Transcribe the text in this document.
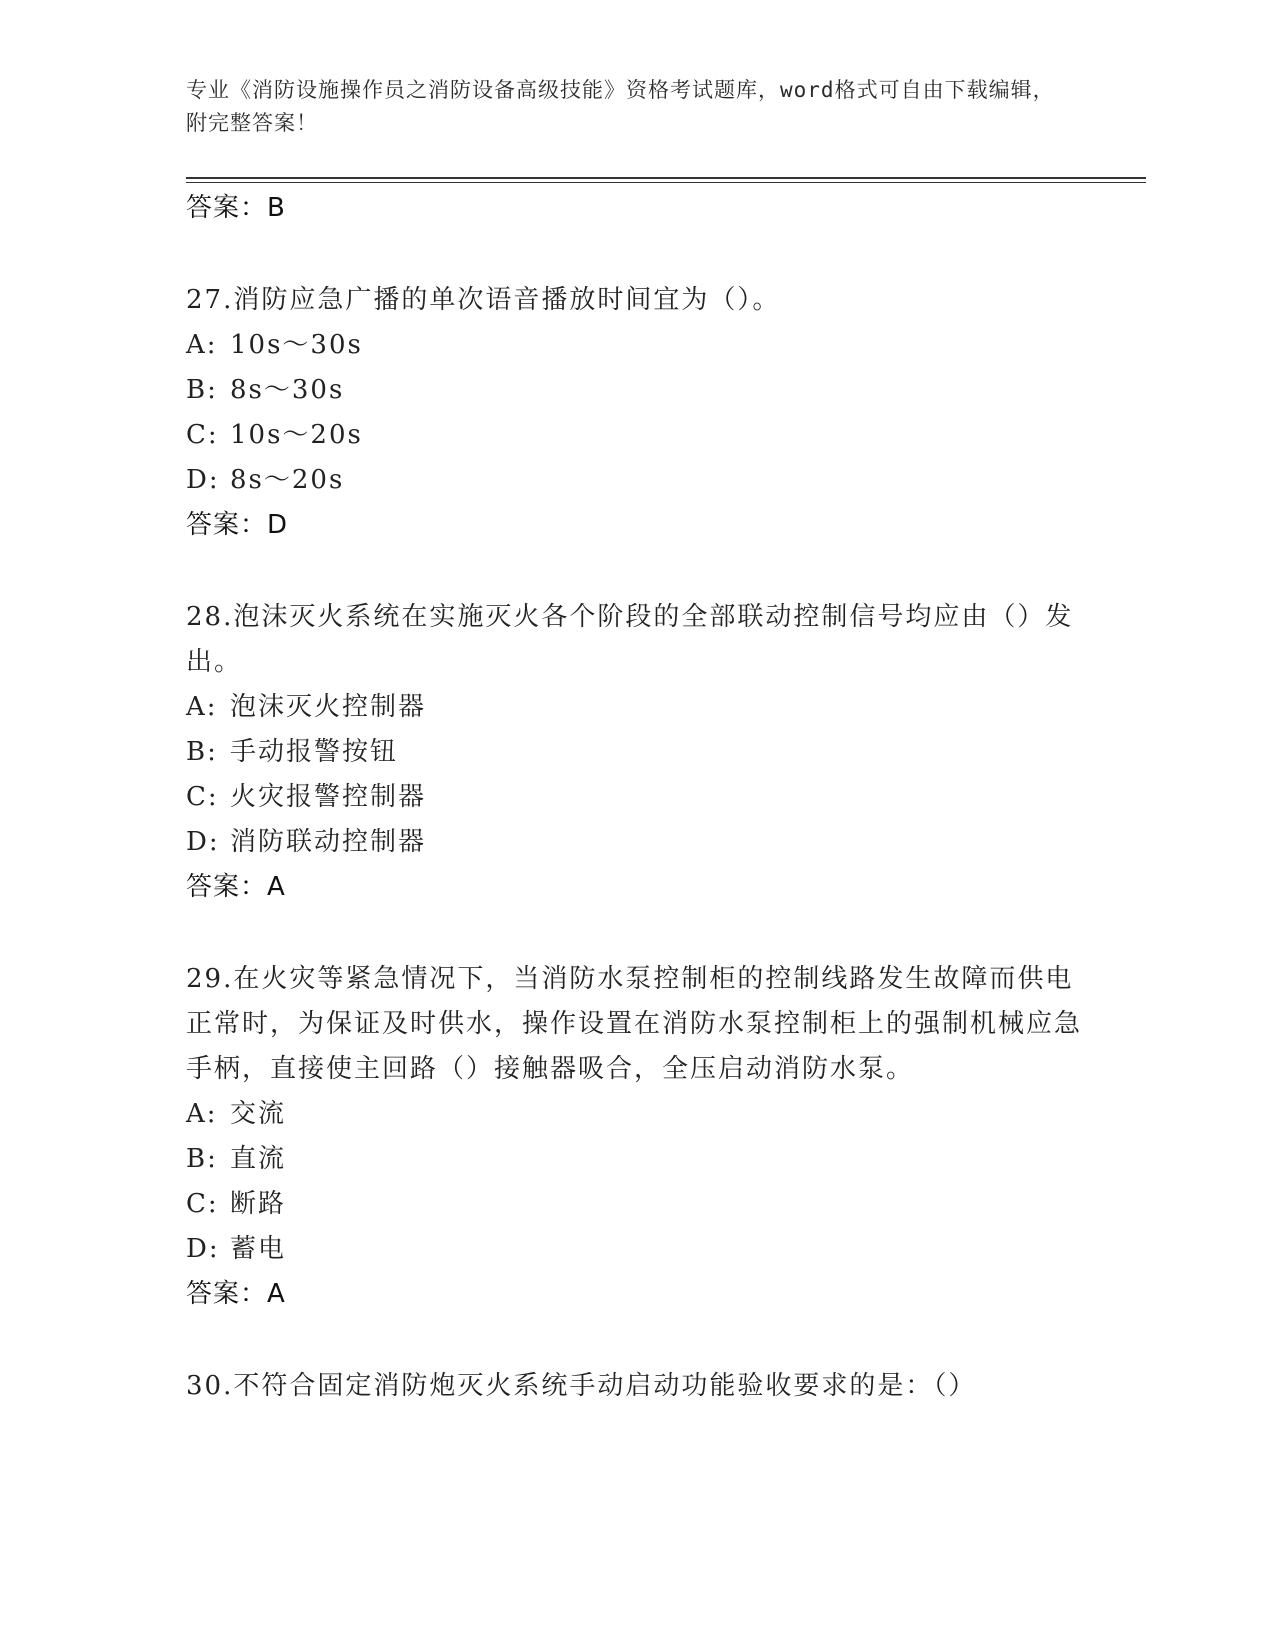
专业《消防设施操作员之消防设备高级技能》资格考试题库，word格式可自由下载编辑，附完整答案！
答案：B
27.消防应急广播的单次语音播放时间宜为（）。
A: 10s～30s
B: 8s～30s
C: 10s～20s
D: 8s～20s
答案：D
28.泡沫灭火系统在实施灭火各个阶段的全部联动控制信号均应由（）发出。
A: 泡沫灭火控制器
B: 手动报警按钮
C: 火灾报警控制器
D: 消防联动控制器
答案：A
29.在火灾等紧急情况下，当消防水泵控制柜的控制线路发生故障而供电正常时，为保证及时供水，操作设置在消防水泵控制柜上的强制机械应急手柄，直接使主回路（）接触器吸合，全压启动消防水泵。
A: 交流
B: 直流
C: 断路
D: 蓄电
答案：A
30.不符合固定消防炮灭火系统手动启动功能验收要求的是：（）
